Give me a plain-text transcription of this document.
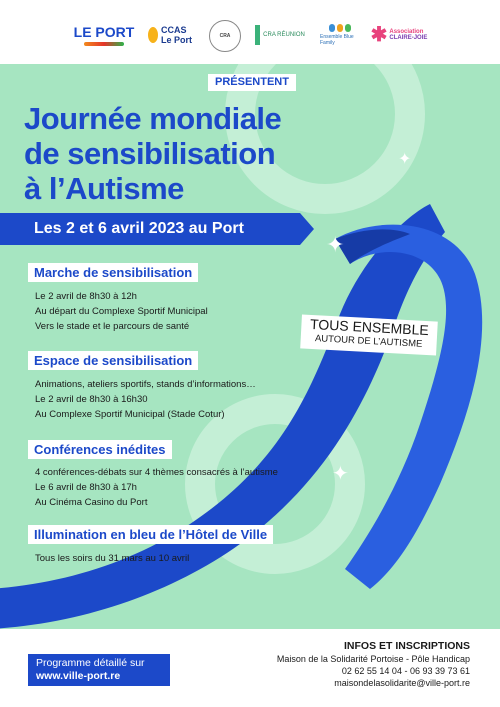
LE PORT	CCAS Le Port	CRA	CRA RÉUNION	Ensemble Blue Family	✱ Association
CLAIRE-JOIE
✦
✦
✦
PRÉSENTENT
Journée mondiale
de sensibilisation
à l’Autisme
Les 2 et 6 avril 2023 au Port
Marche de sensibilisation
Le 2 avril de 8h30 à 12h
Au départ du Complexe Sportif Municipal
Vers le stade et le parcours de santé
Espace de sensibilisation
Animations, ateliers sportifs, stands d’informations…
Le 2 avril de 8h30 à 16h30
Au Complexe Sportif Municipal (Stade Cotur)
Conférences inédites
4 conférences-débats sur 4 thèmes consacrés à l’autisme
Le 6 avril de 8h30 à 17h
Au Cinéma Casino du Port
Illumination en bleu de l’Hôtel de Ville
Tous les soirs du 31 mars au 10 avril
TOUS ENSEMBLE
AUTOUR DE L’AUTISME
Programme détaillé sur
www.ville-port.re
INFOS ET INSCRIPTIONS
Maison de la Solidarité Portoise - Pôle Handicap
02 62 55 14 04 - 06 93 39 73 61
maisondelasolidarite@ville-port.re
